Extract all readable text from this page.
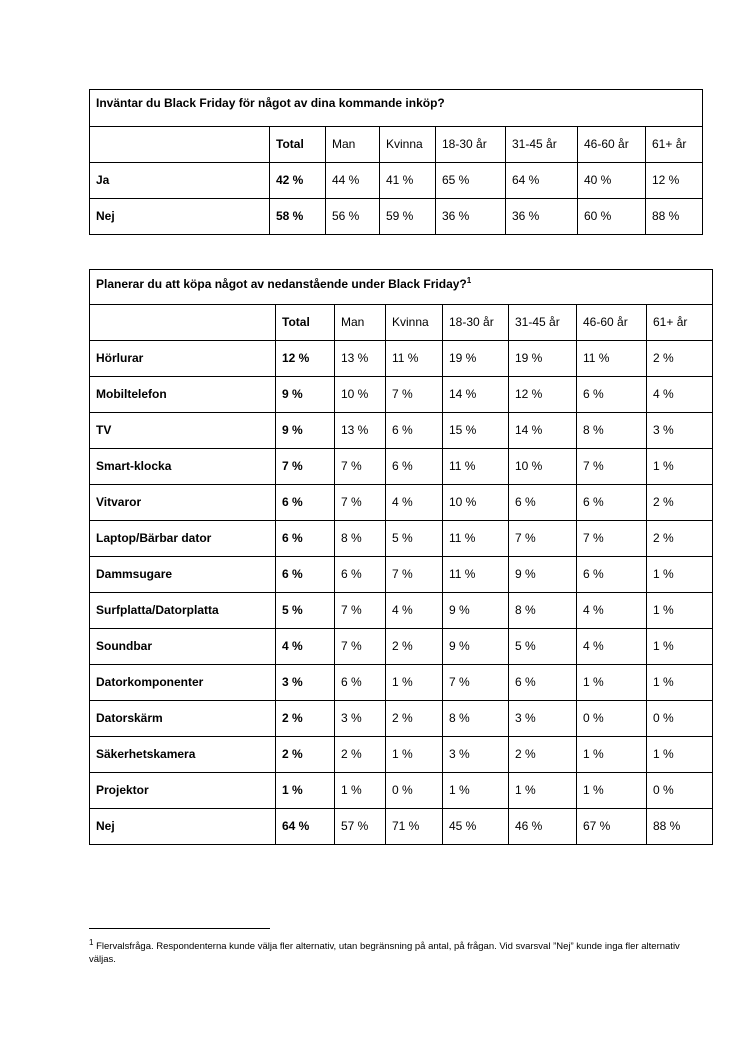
Inväntar du Black Friday för något av dina kommande inköp?							
	Total	Man	Kvinna	18-30 år	31-45 år	46-60 år	61+ år
Ja	42 %	44 %	41 %	65 %	64 %	40 %	12 %
Nej	58 %	56 %	59 %	36 %	36 %	60 %	88 %
Planerar du att köpa något av nedanstående under Black Friday?$^1$
	Total	Man	Kvinna	18-30 år	31-45 år	46-60 år	61+ år
Hörlurar	12 %	13 %	11 %	19 %	19 %	11 %	2 %
Mobiltelefon	9 %	10 %	7 %	14 %	12 %	6 %	4 %
TV	9 %	13 %	6 %	15 %	14 %	8 %	3 %
Smart-klocka	7 %	7 %	6 %	11 %	10 %	7 %	1 %
Vitvaror	6 %	7 %	4 %	10 %	6 %	6 %	2 %
Laptop/Bärbar dator	6 %	8 %	5 %	11 %	7 %	7 %	2 %
Dammsugare	6 %	6 %	7 %	11 %	9 %	6 %	1 %
Surfplatta/Datorplatta	5 %	7 %	4 %	9 %	8 %	4 %	1 %
Soundbar	4 %	7 %	2 %	9 %	5 %	4 %	1 %
Datorkomponenter	3 %	6 %	1 %	7 %	6 %	1 %	1 %
Datorskärm	2 %	3 %	2 %	8 %	3 %	0 %	0 %
Säkerhetskamera	2 %	2 %	1 %	3 %	2 %	1 %	1 %
Projektor	1 %	1 %	0 %	1 %	1 %	1 %	0 %
Nej	64 %	57 %	71 %	45 %	46 %	67 %	88 %
$^1$ Flervalsfråga. Respondenterna kunde välja fler alternativ, utan begränsning på antal, på frågan. Vid svarsval ”Nej” kunde inga fler alternativ väljas.
